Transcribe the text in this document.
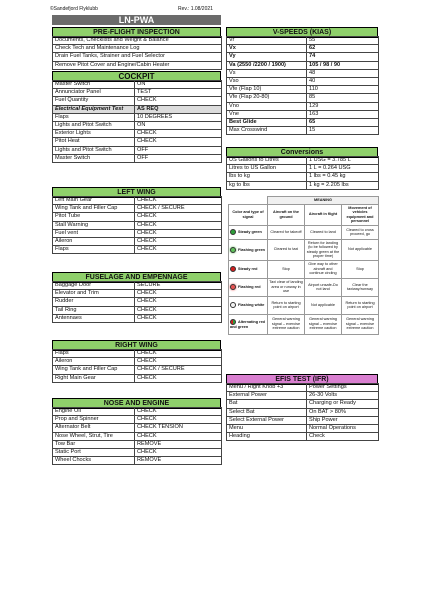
©Sandefjord Flyklubb	Rev.: 1.08/2021
LN-PWA
PRE-FLIGHT INSPECTION
Documents, Checklists and Weight & Balance
Check Tech and Maintenance Log
Drain Fuel Tanks, Strainer and Fuel Selector
Remove Pitot Cover and Engine/Cabin Heater
COCKPIT
Master Switch	ON
Annunciator Panel	TEST
Fuel Quantity	CHECK
Electrical Equipment Test	AS REQ
Flaps	10 DEGREES
Lights and Pitot Switch	ON
Exterior Lights	CHECK
Pitot Heat	CHECK
Lights and Pitot Switch	OFF
Master Switch	OFF
LEFT WING
Left Main Gear	CHECK
Wing Tank and Filler Cap	CHECK / SECURE
Pitot Tube	CHECK
Stall Warning	CHECK
Fuel vent	CHECK
Aileron	CHECK
Flaps	CHECK
FUSELAGE AND EMPENNAGE
Baggage Door	SECURE
Elevator and Trim	CHECK
Rudder	CHECK
Tail Ring	CHECK
Antennaes	CHECK
RIGHT WING
Flaps	CHECK
Aileron	CHECK
Wing Tank and Filler Cap	CHECK / SECURE
Right Main Gear	CHECK
NOSE AND ENGINE
Engine Oil	CHECK
Prop and Spinner	CHECK
Alternator Belt	CHECK TENSION
Nose Wheel, Strut, Tire	CHECK
Tow Bar	REMOVE
Static Port	CHECK
Wheel Chocks	REMOVE
V-SPEEDS (KIAS)
Vr	55
Vx	62
Vy	74
Va (2550 /2200 / 1900)	105 / 98 / 90
Vs	48
Vso	40
Vfe (Flap 10)	110
Vfe (Flap 20-80)	85
Vno	129
Vne	163
Best Glide	65
Max Crosswind	15
Conversions
US Gallons to Litres	1 USG = 3.785 L
Litres to US Gallon	1 L = 0.264 USG
lbs to kg	1 lbs = 0.45 kg
kg to lbs	1 kg = 2.205 lbs
	MEANING		
Color and type of signal	Aircraft on the ground	Aircraft in flight	Movement of vehicles equipment and personnel
Steady green	Cleared for takeoff	Cleared to land	Cleared to cross proceed, go
Flashing green	Cleared to taxi	Return for landing (to be followed by steady green at the proper time)	Not applicable
Steady red	Stop	Give way to other aircraft and continue circling	Stop
Flashing red	Taxi clear of landing area or runway in use	Airport unsafe-Do not land	Clear the taxiway/runway
Flashing white	Return to starting point on airport	Not applicable	Return to starting point on airport
Alternating red and green	General warning signal – exercise extreme caution	General warning signal – exercise extreme caution	General warning signal – exercise extreme caution
EFIS TEST (IFR)
Menu / Right Knob +3	Power Settings
External Power	26-30 Volts
Bat	Charging or Ready
Select Bat	On BAT > 80%
Select External Power	Ship Power
Menu	Normal Operations
Heading	Check
